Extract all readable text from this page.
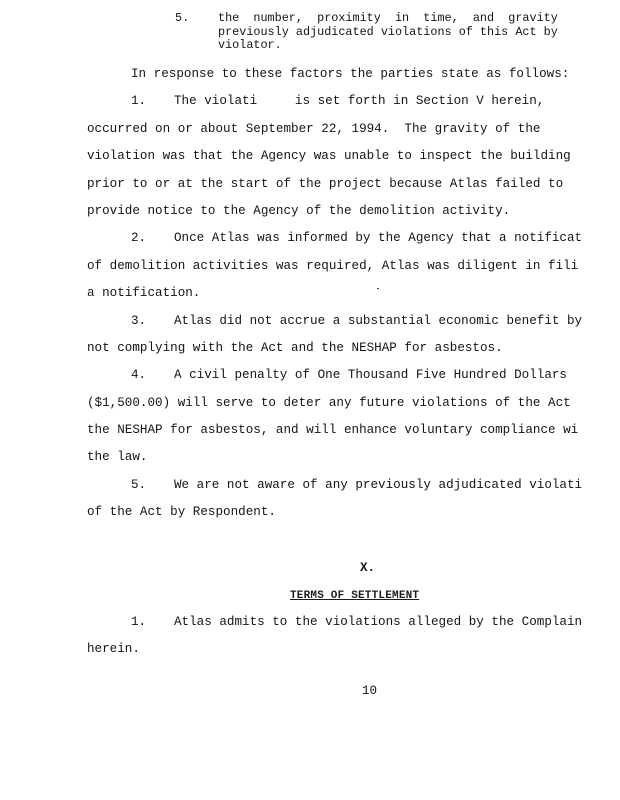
5. the  number,  proximity  in  time,  and  gravity
previously adjudicated violations of this Act by
violator.
In response to these factors the parties state as follows:
1. The violati     is set forth in Section V herein,
occurred on or about September 22, 1994.  The gravity of the
violation was that the Agency was unable to inspect the building
prior to or at the start of the project because Atlas failed to
provide notice to the Agency of the demolition activity.
2. Once Atlas was informed by the Agency that a notificat
of demolition activities was required, Atlas was diligent in fili
a notification.
3. Atlas did not accrue a substantial economic benefit by
not complying with the Act and the NESHAP for asbestos.
4. A civil penalty of One Thousand Five Hundred Dollars
($1,500.00) will serve to deter any future violations of the Act
the NESHAP for asbestos, and will enhance voluntary compliance wi
the law.
5. We are not aware of any previously adjudicated violati
of the Act by Respondent.
X.
TERMS OF SETTLEMENT
1. Atlas admits to the violations alleged by the Complain
herein.
10
